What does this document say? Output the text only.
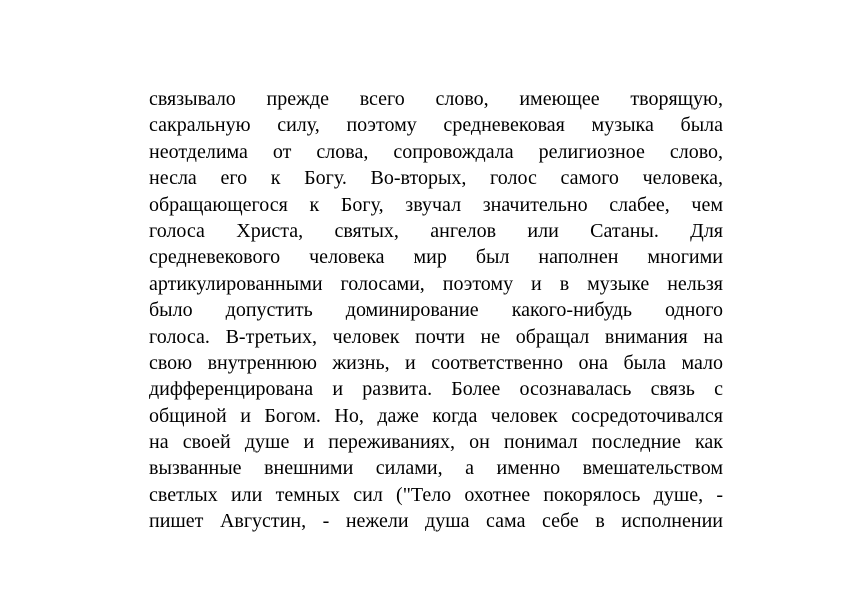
связывало прежде всего слово, имеющее творящую,
сакральную силу, поэтому средневековая музыка была
неотделима от слова, сопровождала религиозное слово,
несла его к Богу. Во-вторых, голос самого человека,
обращающегося к Богу, звучал значительно слабее, чем
голоса Христа, святых, ангелов или Сатаны. Для
средневекового человека мир был наполнен многими
артикулированными голосами, поэтому и в музыке нельзя
было допустить доминирование какого-нибудь одного
голоса. В-третьих, человек почти не обращал внимания на
свою внутреннюю жизнь, и соответственно она была мало
дифференцирована и развита. Более осознавалась связь с
общиной и Богом. Но, даже когда человек сосредоточивался
на своей душе и переживаниях, он понимал последние как
вызванные внешними силами, а именно вмешательством
светлых или темных сил ("Тело охотнее покорялось душе, -
пишет Августин, - нежели душа сама себе в исполнении
